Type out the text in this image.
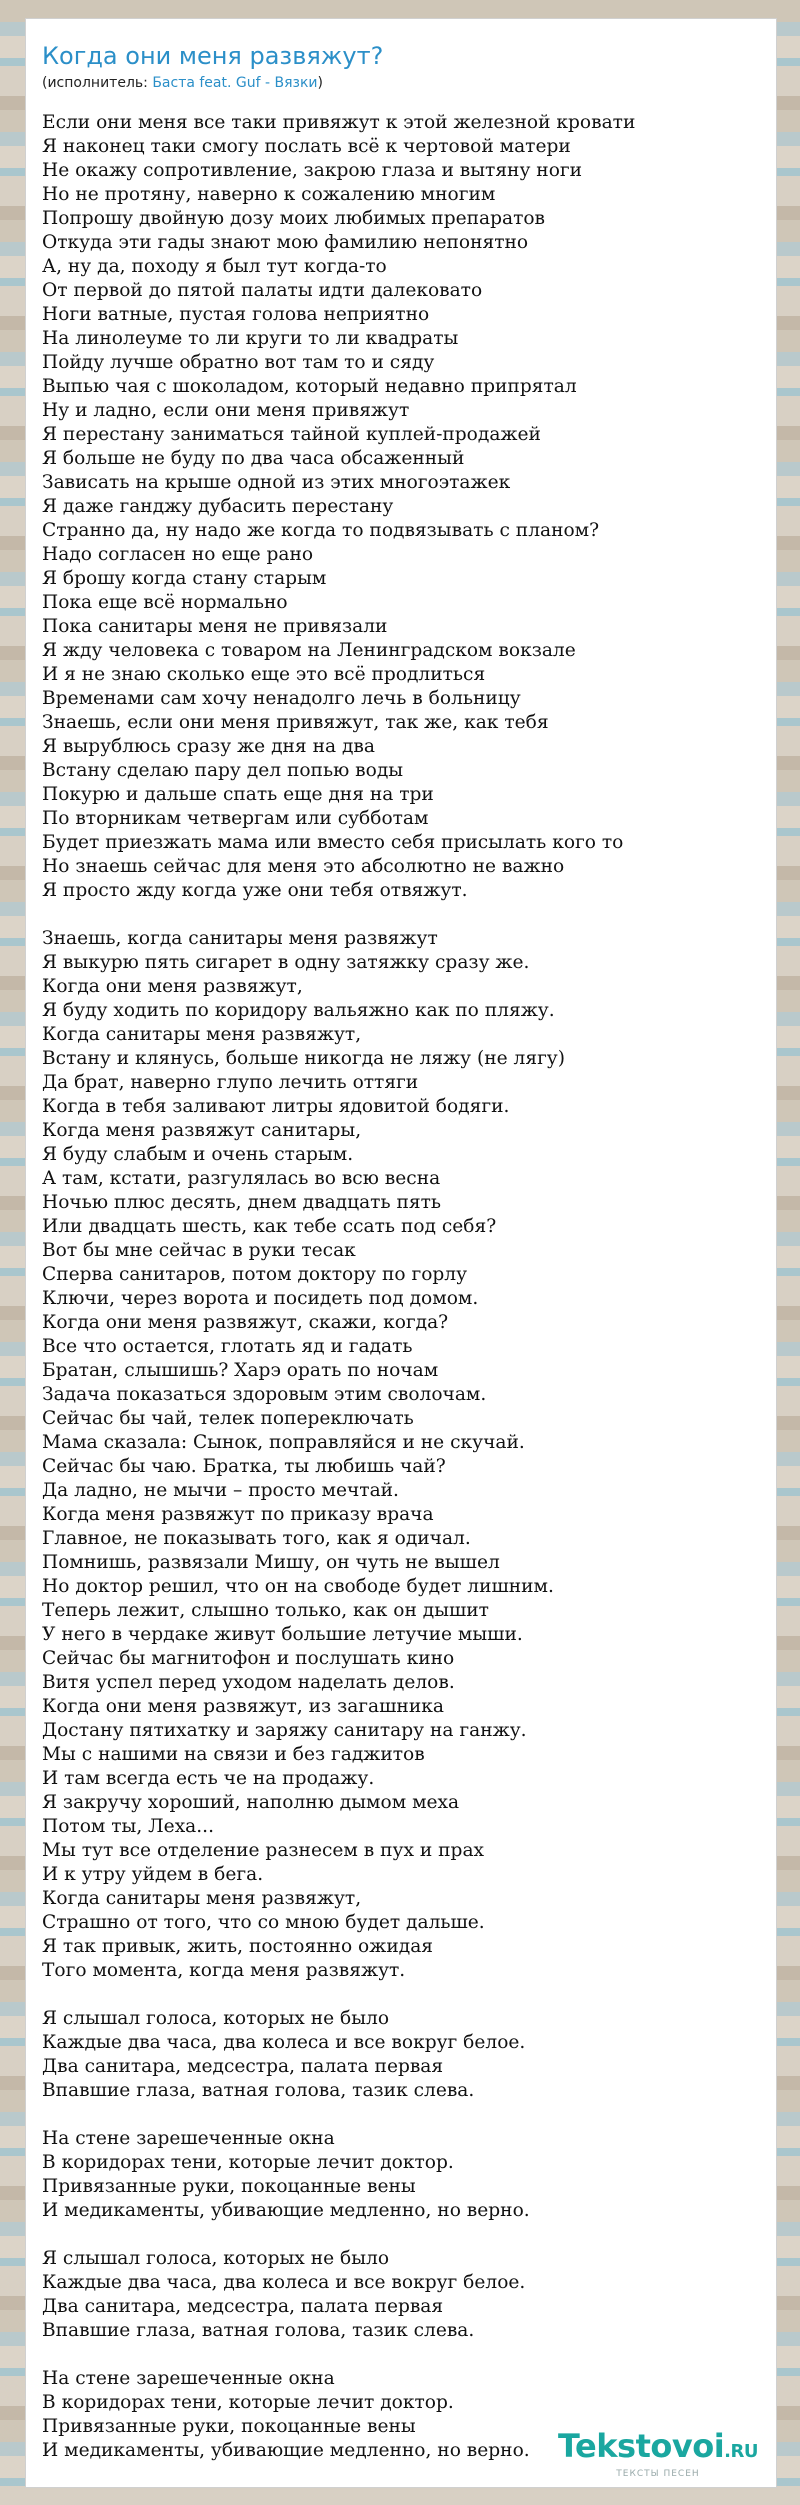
Когда они меня развяжут?
(исполнитель: Баста feat. Guf - Вязки)
Если они меня все таки привяжут к этой железной кровати
Я наконец таки смогу послать всё к чертовой матери
Не окажу сопротивление, закрою глаза и вытяну ноги
Но не протяну, наверно к сожалению многим
Попрошу двойную дозу моих любимых препаратов
Откуда эти гады знают мою фамилию непонятно
А, ну да, походу я был тут когда-то
От первой до пятой палаты идти далековато
Ноги ватные, пустая голова неприятно
На линолеуме то ли круги то ли квадраты
Пойду лучше обратно вот там то и сяду
Выпью чая с шоколадом, который недавно припрятал
Ну и ладно, если они меня привяжут
Я перестану заниматься тайной куплей-продажей
Я больше не буду по два часа обсаженный
Зависать на крыше одной из этих многоэтажек
Я даже ганджу дубасить перестану
Странно да, ну надо же когда то подвязывать с планом?
Надо согласен но еще рано
Я брошу когда стану старым
Пока еще всё нормально
Пока санитары меня не привязали
Я жду человека с товаром на Ленинградском вокзале
И я не знаю сколько еще это всё продлиться
Временами сам хочу ненадолго лечь в больницу
Знаешь, если они меня привяжут, так же, как тебя
Я вырублюсь сразу же дня на два
Встану сделаю пару дел попью воды
Покурю и дальше спать еще дня на три
По вторникам четвергам или субботам
Будет приезжать мама или вместо себя присылать кого то
Но знаешь сейчас для меня это абсолютно не важно
Я просто жду когда уже они тебя отвяжут.
Знаешь, когда санитары меня развяжут
Я выкурю пять сигарет в одну затяжку сразу же.
Когда они меня развяжут,
Я буду ходить по коридору вальяжно как по пляжу.
Когда санитары меня развяжут,
Встану и клянусь, больше никогда не ляжу (не лягу)
Да брат, наверно глупо лечить оттяги
Когда в тебя заливают литры ядовитой бодяги.
Когда меня развяжут санитары,
Я буду слабым и очень старым.
А там, кстати, разгулялась во всю весна
Ночью плюс десять, днем двадцать пять
Или двадцать шесть, как тебе ссать под себя?
Вот бы мне сейчас в руки тесак
Сперва санитаров, потом доктору по горлу
Ключи, через ворота и посидеть под домом.
Когда они меня развяжут, скажи, когда?
Все что остается, глотать яд и гадать
Братан, слышишь? Харэ орать по ночам
Задача показаться здоровым этим сволочам.
Сейчас бы чай, телек попереключать
Мама сказала: Сынок, поправляйся и не скучай.
Сейчас бы чаю. Братка, ты любишь чай?
Да ладно, не мычи – просто мечтай.
Когда меня развяжут по приказу врача
Главное, не показывать того, как я одичал.
Помнишь, развязали Мишу, он чуть не вышел
Но доктор решил, что он на свободе будет лишним.
Теперь лежит, слышно только, как он дышит
У него в чердаке живут большие летучие мыши.
Сейчас бы магнитофон и послушать кино
Витя успел перед уходом наделать делов.
Когда они меня развяжут, из загашника
Достану пятихатку и заряжу санитару на ганжу.
Мы с нашими на связи и без гаджитов
И там всегда есть че на продажу.
Я закручу хороший, наполню дымом меха
Потом ты, Леха...
Мы тут все отделение разнесем в пух и прах
И к утру уйдем в бега.
Когда санитары меня развяжут,
Страшно от того, что со мною будет дальше.
Я так привык, жить, постоянно ожидая
Того момента, когда меня развяжут.
Я слышал голоса, которых не было
Каждые два часа, два колеса и все вокруг белое.
Два санитара, медсестра, палата первая
Впавшие глаза, ватная голова, тазик слева.
На стене зарешеченные окна
В коридорах тени, которые лечит доктор.
Привязанные руки, покоцанные вены
И медикаменты, убивающие медленно, но верно.
Я слышал голоса, которых не было
Каждые два часа, два колеса и все вокруг белое.
Два санитара, медсестра, палата первая
Впавшие глаза, ватная голова, тазик слева.
На стене зарешеченные окна
В коридорах тени, которые лечит доктор.
Привязанные руки, покоцанные вены
И медикаменты, убивающие медленно, но верно. Tekstovoi.RU
ТЕКСТЫ ПЕСЕН
